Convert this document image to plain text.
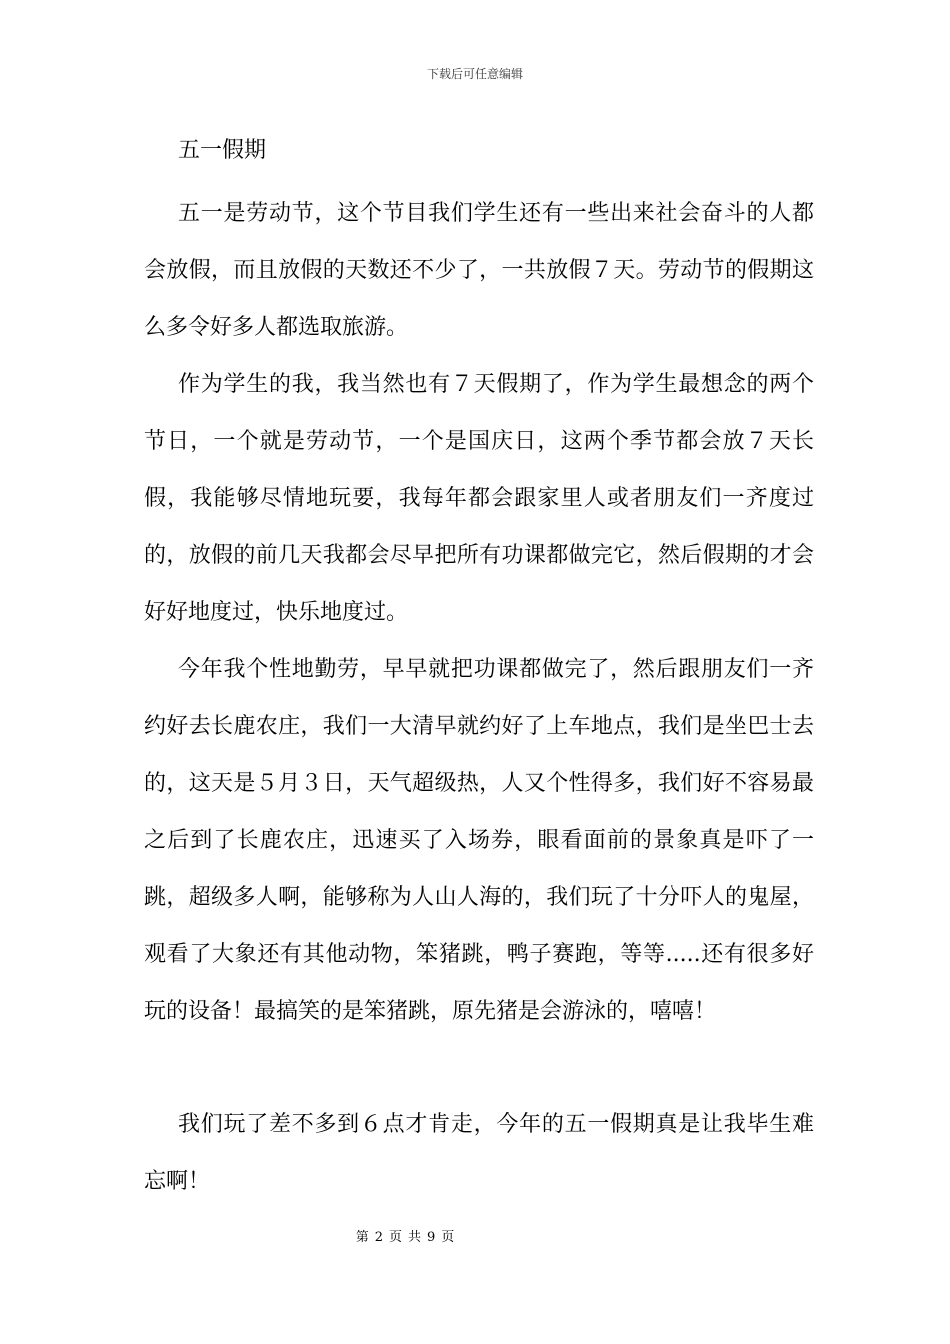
下载后可任意编辑
五一假期

五一是劳动节，这个节目我们学生还有一些出来社会奋斗的人都会放假，而且放假的天数还不少了，一共放假７天。劳动节的假期这么多令好多人都选取旅游。

作为学生的我，我当然也有７天假期了，作为学生最想念的两个节日，一个就是劳动节，一个是国庆日，这两个季节都会放７天长假，我能够尽情地玩要，我每年都会跟家里人或者朋友们一齐度过的，放假的前几天我都会尽早把所有功课都做完它，然后假期的才会好好地度过，快乐地度过。

今年我个性地勤劳，早早就把功课都做完了，然后跟朋友们一齐约好去长鹿农庄，我们一大清早就约好了上车地点，我们是坐巴士去的，这天是５月３日，天气超级热，人又个性得多，我们好不容易最之后到了长鹿农庄，迅速买了入场券，眼看面前的景象真是吓了一跳，超级多人啊，能够称为人山人海的，我们玩了十分吓人的鬼屋，观看了大象还有其他动物，笨猪跳，鸭子赛跑，等等.....还有很多好玩的设备！最搞笑的是笨猪跳，原先猪是会游泳的，嘻嘻！

我们玩了差不多到６点才肯走，今年的五一假期真是让我毕生难忘啊！

第 2 页 共 9 页
